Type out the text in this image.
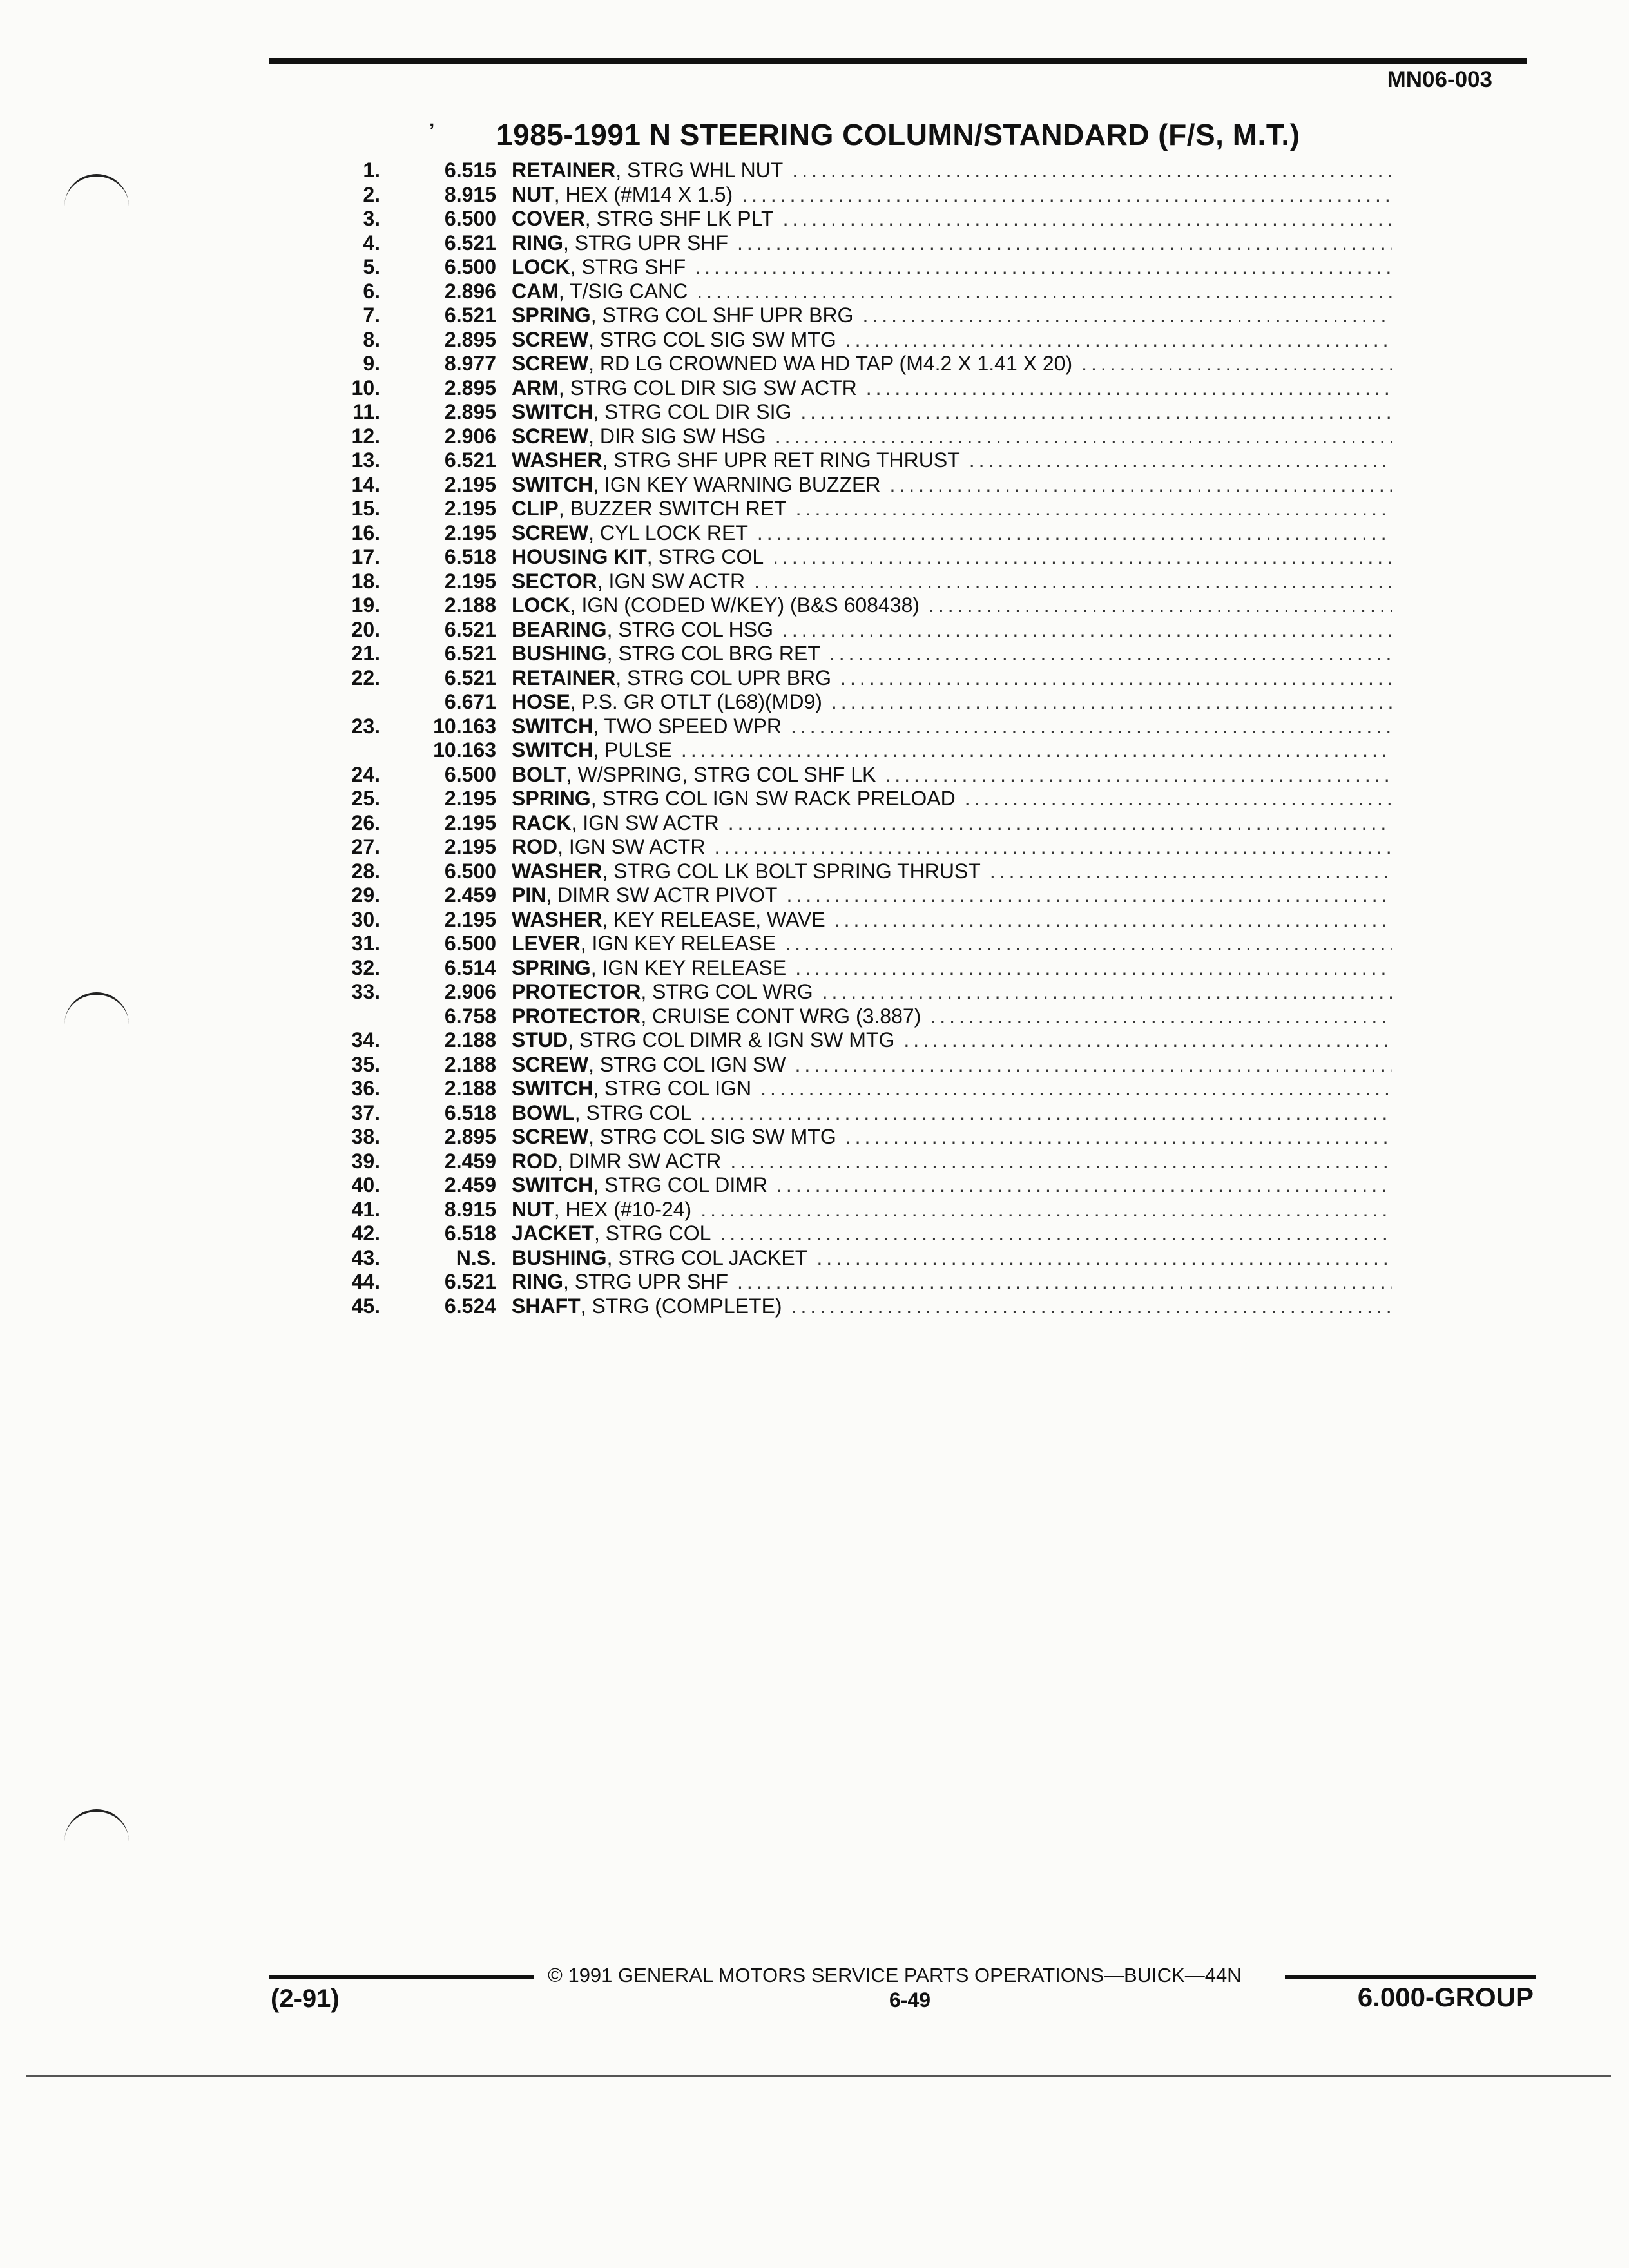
MN06-003
ʼ 1985-1991 N STEERING COLUMN/STANDARD (F/S, M.T.)
1.	6.515 RETAINER, STRG WHL NUT
.....
2.	8.915 NUT, HEX (#M14 X 1.5)
.....
3.	6.500 COVER, STRG SHF LK PLT
.....
4.	6.521 RING, STRG UPR SHF
.....
5.	6.500 LOCK, STRG SHF
.....
6.	2.896 CAM, T/SIG CANC
.....
7.	6.521 SPRING, STRG COL SHF UPR BRG
.....
8.	2.895 SCREW, STRG COL SIG SW MTG
.....
9.	8.977 SCREW, RD LG CROWNED WA HD TAP (M4.2 X 1.41 X 20)
.....
10.	2.895 ARM, STRG COL DIR SIG SW ACTR
.....
11.	2.895 SWITCH, STRG COL DIR SIG
.....
12.	2.906 SCREW, DIR SIG SW HSG
.....
13.	6.521 WASHER, STRG SHF UPR RET RING THRUST
.....
14.	2.195 SWITCH, IGN KEY WARNING BUZZER
.....
15.	2.195 CLIP, BUZZER SWITCH RET
.....
16.	2.195 SCREW, CYL LOCK RET
.....
17.	6.518 HOUSING KIT, STRG COL
.....
18.	2.195 SECTOR, IGN SW ACTR
.....
19.	2.188 LOCK, IGN (CODED W/KEY) (B&S 608438)
.....
20.	6.521 BEARING, STRG COL HSG
.....
21.	6.521 BUSHING, STRG COL BRG RET
.....
22.	6.521 RETAINER, STRG COL UPR BRG
.....
6.671 HOSE, P.S. GR OTLT (L68)(MD9)
.....
23.	10.163 SWITCH, TWO SPEED WPR
.....
10.163 SWITCH, PULSE
.....
24.	6.500 BOLT, W/SPRING, STRG COL SHF LK
.....
25.	2.195 SPRING, STRG COL IGN SW RACK PRELOAD
.....
26.	2.195 RACK, IGN SW ACTR
.....
27.	2.195 ROD, IGN SW ACTR
.....
28.	6.500 WASHER, STRG COL LK BOLT SPRING THRUST
.....
29.	2.459 PIN, DIMR SW ACTR PIVOT
.....
30.	2.195 WASHER, KEY RELEASE, WAVE
.....
31.	6.500 LEVER, IGN KEY RELEASE
.....
32.	6.514 SPRING, IGN KEY RELEASE
.....
33.	2.906 PROTECTOR, STRG COL WRG
.....
6.758 PROTECTOR, CRUISE CONT WRG (3.887)
.....
34.	2.188 STUD, STRG COL DIMR & IGN SW MTG
.....
35.	2.188 SCREW, STRG COL IGN SW
.....
36.	2.188 SWITCH, STRG COL IGN
.....
37.	6.518 BOWL, STRG COL
.....
38.	2.895 SCREW, STRG COL SIG SW MTG
.....
39.	2.459 ROD, DIMR SW ACTR
.....
40.	2.459 SWITCH, STRG COL DIMR
.....
41.	8.915 NUT, HEX (#10-24)
.....
42.	6.518 JACKET, STRG COL
.....
43.	N.S. BUSHING, STRG COL JACKET
.....
44.	6.521 RING, STRG UPR SHF
.....
45.	6.524 SHAFT, STRG (COMPLETE)
.....
© 1991 GENERAL MOTORS SERVICE PARTS OPERATIONS—BUICK—44N
(2-91)	6-49	6.000-GROUP
